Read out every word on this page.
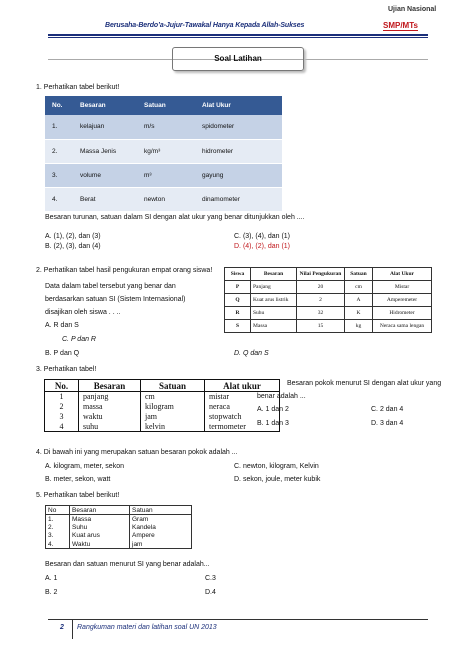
Ujian Nasional
Berusaha-Berdo’a-Jujur-Tawakal Hanya Kepada Allah-Sukses	SMP/MTs
Soal Latihan
1. Perhatikan tabel berikut!
No.	Besaran	Satuan	Alat Ukur
1.	kelajuan	m/s	spidometer
2.	Massa Jenis	kg/m³	hidrometer
3.	volume	m³	gayung
4.	Berat	newton	dinamometer
Besaran turunan, satuan dalam SI dengan alat ukur yang benar ditunjukkan oleh ....
A. (1), (2), dan (3)
B. (2), (3), dan (4)
C. (3), (4), dan (1)
D. (4), (2), dan (1)
2. Perhatikan tabel hasil pengukuran empat orang siswa!
Data dalam tabel tersebut yang benar dan
berdasarkan satuan SI (Sistem Internasional)
disajikan oleh siswa . . ..
Siswa	Besaran	Nilai Pengukuran	Satuan	Alat Ukur
P	Panjang	20	cm	Mistar
Q	Kuat arus listrik	2	A	Amperemeter
R	Suhu	32	K	Hidrometer
S	Massa	15	kg	Neraca sama lengan
A. R dan S
C. P dan R
B. P dan Q	D. Q dan S
3. Perhatikan tabel!
No.	Besaran	Satuan	Alat ukur
1	panjang	cm	mistar
2	massa	kilogram	neraca
3	waktu	jam	stopwatch
4	suhu	kelvin	termometer
Besaran pokok menurut SI dengan alat ukur yang
benar adalah ...
A. 1 dan 2
B. 1 dan 3
C. 2 dan 4
D. 3 dan 4
4. Di bawah ini yang merupakan satuan besaran pokok adalah ...
A. kilogram, meter, sekon
B. meter, sekon, watt
C. newton, kilogram, Kelvin
D. sekon, joule, meter kubik
5. Perhatikan tabel berikut!
No	Besaran	Satuan
1.	Massa	Gram
2.	Suhu	Kandela
3.	Kuat arus	Ampere
4.	Waktu	jam
Besaran dan satuan menurut SI yang benar adalah...
A. 1
B. 2
C.3
D.4
2 Rangkuman materi dan latihan soal UN 2013
